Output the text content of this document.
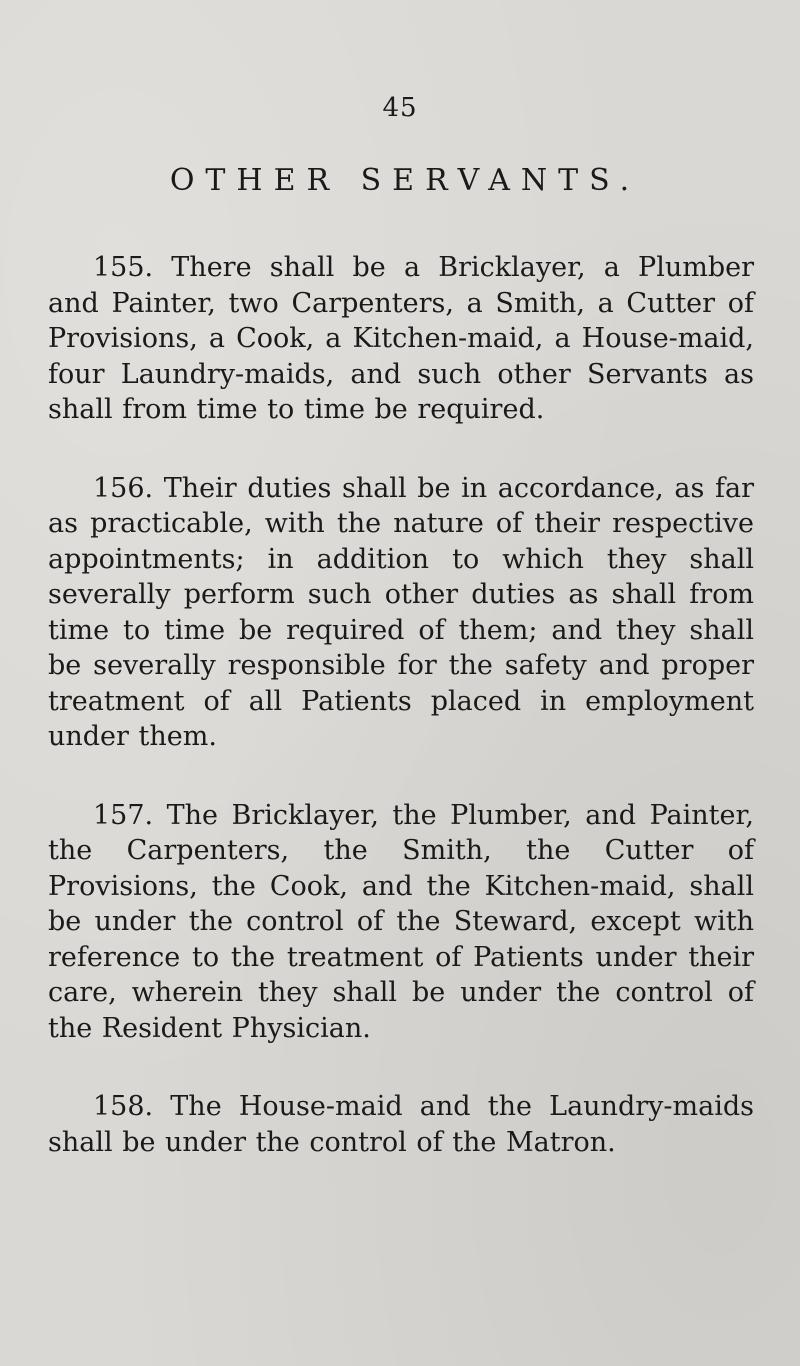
45
OTHER SERVANTS.

155. There shall be a Bricklayer, a Plumber and Painter, two Carpenters, a Smith, a Cutter of Provisions, a Cook, a Kitchen-maid, a House-maid, four Laundry-maids, and such other Servants as shall from time to time be required.

156. Their duties shall be in accordance, as far as practicable, with the nature of their respective appointments; in addition to which they shall severally perform such other duties as shall from time to time be required of them; and they shall be severally responsible for the safety and proper treatment of all Patients placed in employment under them.

157. The Bricklayer, the Plumber, and Painter, the Carpenters, the Smith, the Cutter of Provisions, the Cook, and the Kitchen-maid, shall be under the control of the Steward, except with reference to the treatment of Patients under their care, wherein they shall be under the control of the Resident Physician.

158. The House-maid and the Laundry-maids shall be under the control of the Matron.
